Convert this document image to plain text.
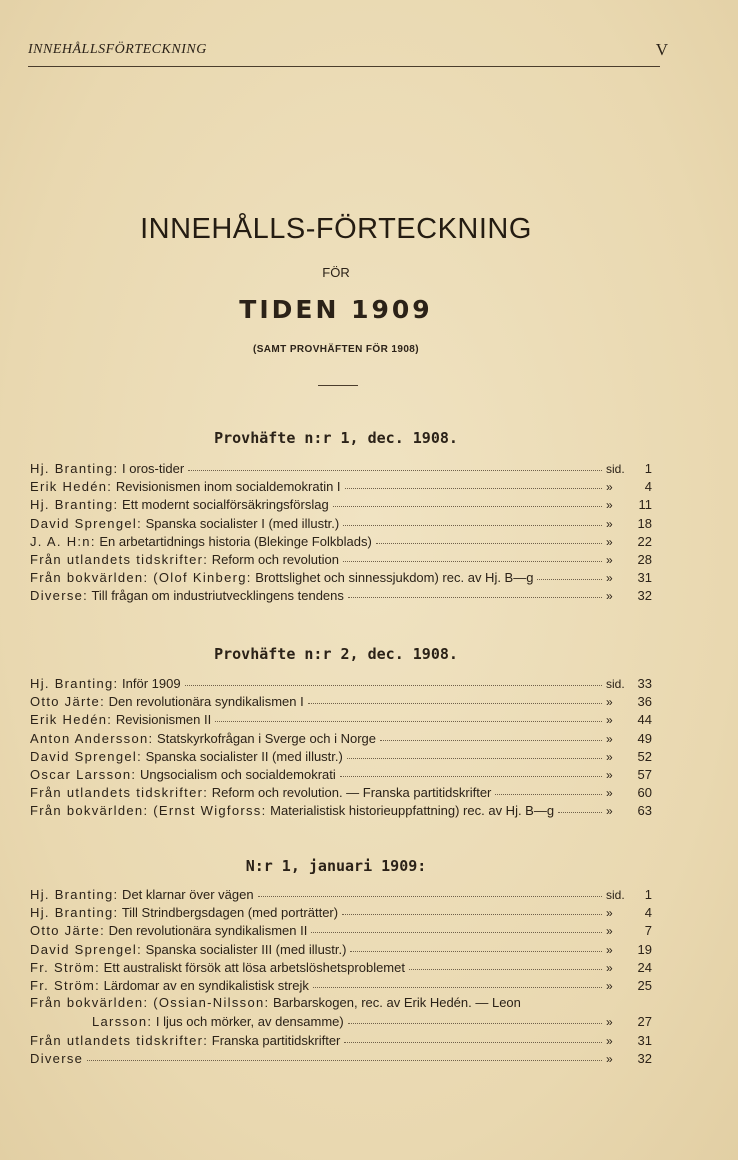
INNEHÅLLSFÖRTECKNING	V
INNEHÅLLS-FÖRTECKNING
FÖR
TIDEN 1909
(SAMT PROVHÄFTEN FÖR 1908)
Provhäfte n:r 1, dec. 1908.
Hj. Branting: I oros-tider	sid.	1
Erik Hedén: Revisionismen inom socialdemokratin I	»	4
Hj. Branting: Ett modernt socialförsäkringsförslag	»	11
David Sprengel: Spanska socialister I (med illustr.)	»	18
J. A. H:n: En arbetartidnings historia (Blekinge Folkblads)	»	22
Från utlandets tidskrifter: Reform och revolution	»	28
Från bokvärlden: (Olof Kinberg: Brottslighet och sinnessjukdom) rec. av Hj. B—g	»	31
Diverse: Till frågan om industriutvecklingens tendens	»	32
Provhäfte n:r 2, dec. 1908.
Hj. Branting: Inför 1909	sid. 33
Otto Järte: Den revolutionära syndikalismen I	»	36
Erik Hedén: Revisionismen II	»	44
Anton Andersson: Statskyrkofrågan i Sverge och i Norge	»	49
David Sprengel: Spanska socialister II (med illustr.)	»	52
Oscar Larsson: Ungsocialism och socialdemokrati	»	57
Från utlandets tidskrifter: Reform och revolution. — Franska partitidskrifter	»	60
Från bokvärlden: (Ernst Wigforss: Materialistisk historieuppfattning) rec. av Hj. B—g	»	63
N:r 1, januari 1909:
Hj. Branting: Det klarnar över vägen	sid.	1
Hj. Branting: Till Strindbergsdagen (med porträtter)	»	4
Otto Järte: Den revolutionära syndikalismen II	»	7
David Sprengel: Spanska socialister III (med illustr.)	»	19
Fr. Ström: Ett australiskt försök att lösa arbetslöshetsproblemet	»	24
Fr. Ström: Lärdomar av en syndikalistisk strejk	»	25
Från bokvärlden: (Ossian-Nilsson: Barbarskogen, rec. av Erik Hedén. — Leon
Larsson: I ljus och mörker, av densamme)	»	27
Från utlandets tidskrifter: Franska partitidskrifter	»	31
Diverse	»	32
